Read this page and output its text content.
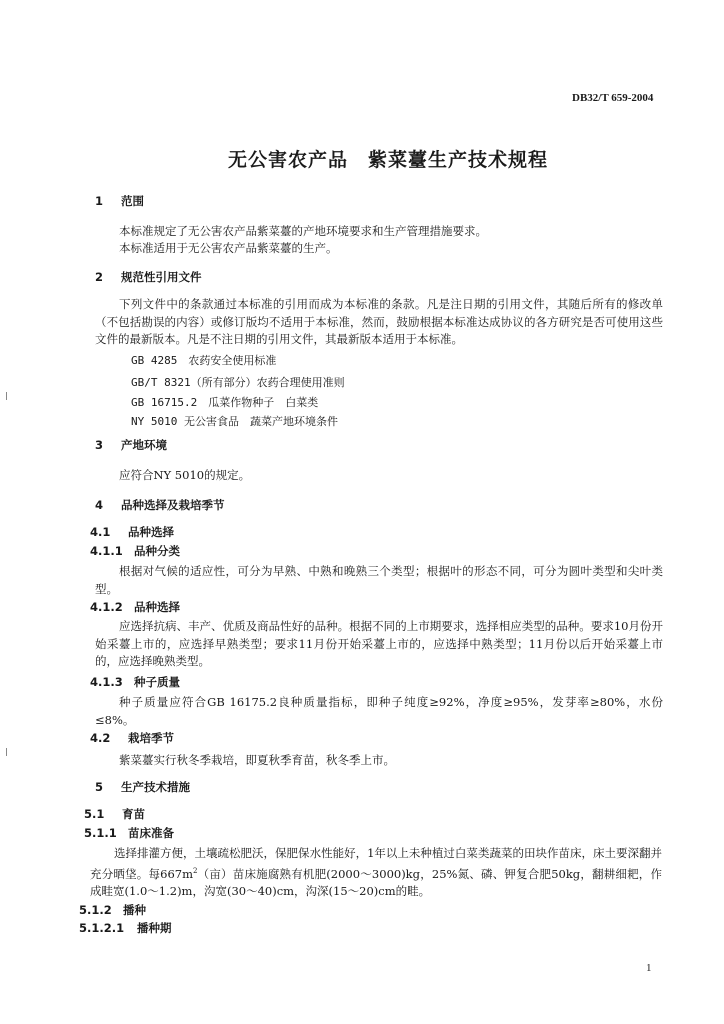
DB32/T 659-2004
无公害农产品　紫菜薹生产技术规程
1 范围
本标准规定了无公害农产品紫菜薹的产地环境要求和生产管理措施要求。
本标准适用于无公害农产品紫菜薹的生产。
2 规范性引用文件
下列文件中的条款通过本标准的引用而成为本标准的条款。凡是注日期的引用文件，其随后所有的修改单（不包括勘误的内容）或修订版均不适用于本标准，然而，鼓励根据本标准达成协议的各方研究是否可使用这些文件的最新版本。凡是不注日期的引用文件，其最新版本适用于本标准。
GB 4285　农药安全使用标准
GB/T 8321（所有部分）农药合理使用准则
GB 16715.2　瓜菜作物种子　白菜类
NY 5010 无公害食品　蔬菜产地环境条件
3 产地环境
应符合NY 5010的规定。
4 品种选择及栽培季节
4.1 品种选择
4.1.1 品种分类
根据对气候的适应性，可分为早熟、中熟和晚熟三个类型；根据叶的形态不同，可分为圆叶类型和尖叶类型。
4.1.2 品种选择
应选择抗病、丰产、优质及商品性好的品种。根据不同的上市期要求，选择相应类型的品种。要求10月份开始采薹上市的，应选择早熟类型；要求11月份开始采薹上市的，应选择中熟类型；11月份以后开始采薹上市的，应选择晚熟类型。
4.1.3 种子质量
种子质量应符合GB 16175.2良种质量指标，即种子纯度≥92%，净度≥95%，发芽率≥80%，水份≤8%。
4.2 栽培季节
紫菜薹实行秋冬季栽培，即夏秋季育苗，秋冬季上市。
5 生产技术措施
5.1 育苗
5.1.1 苗床准备
选择排灌方便，土壤疏松肥沃，保肥保水性能好，1年以上未种植过白菜类蔬菜的田块作苗床，床土要深翻并充分晒垡。每$667m^2$（亩）苗床施腐熟有机肥(2000～3000)kg，25%氮、磷、钾复合肥50kg，翻耕细耙，作成畦宽(1.0～1.2)m，沟宽(30～40)cm，沟深(15～20)cm的畦。
5.1.2 播种
5.1.2.1 播种期
1
